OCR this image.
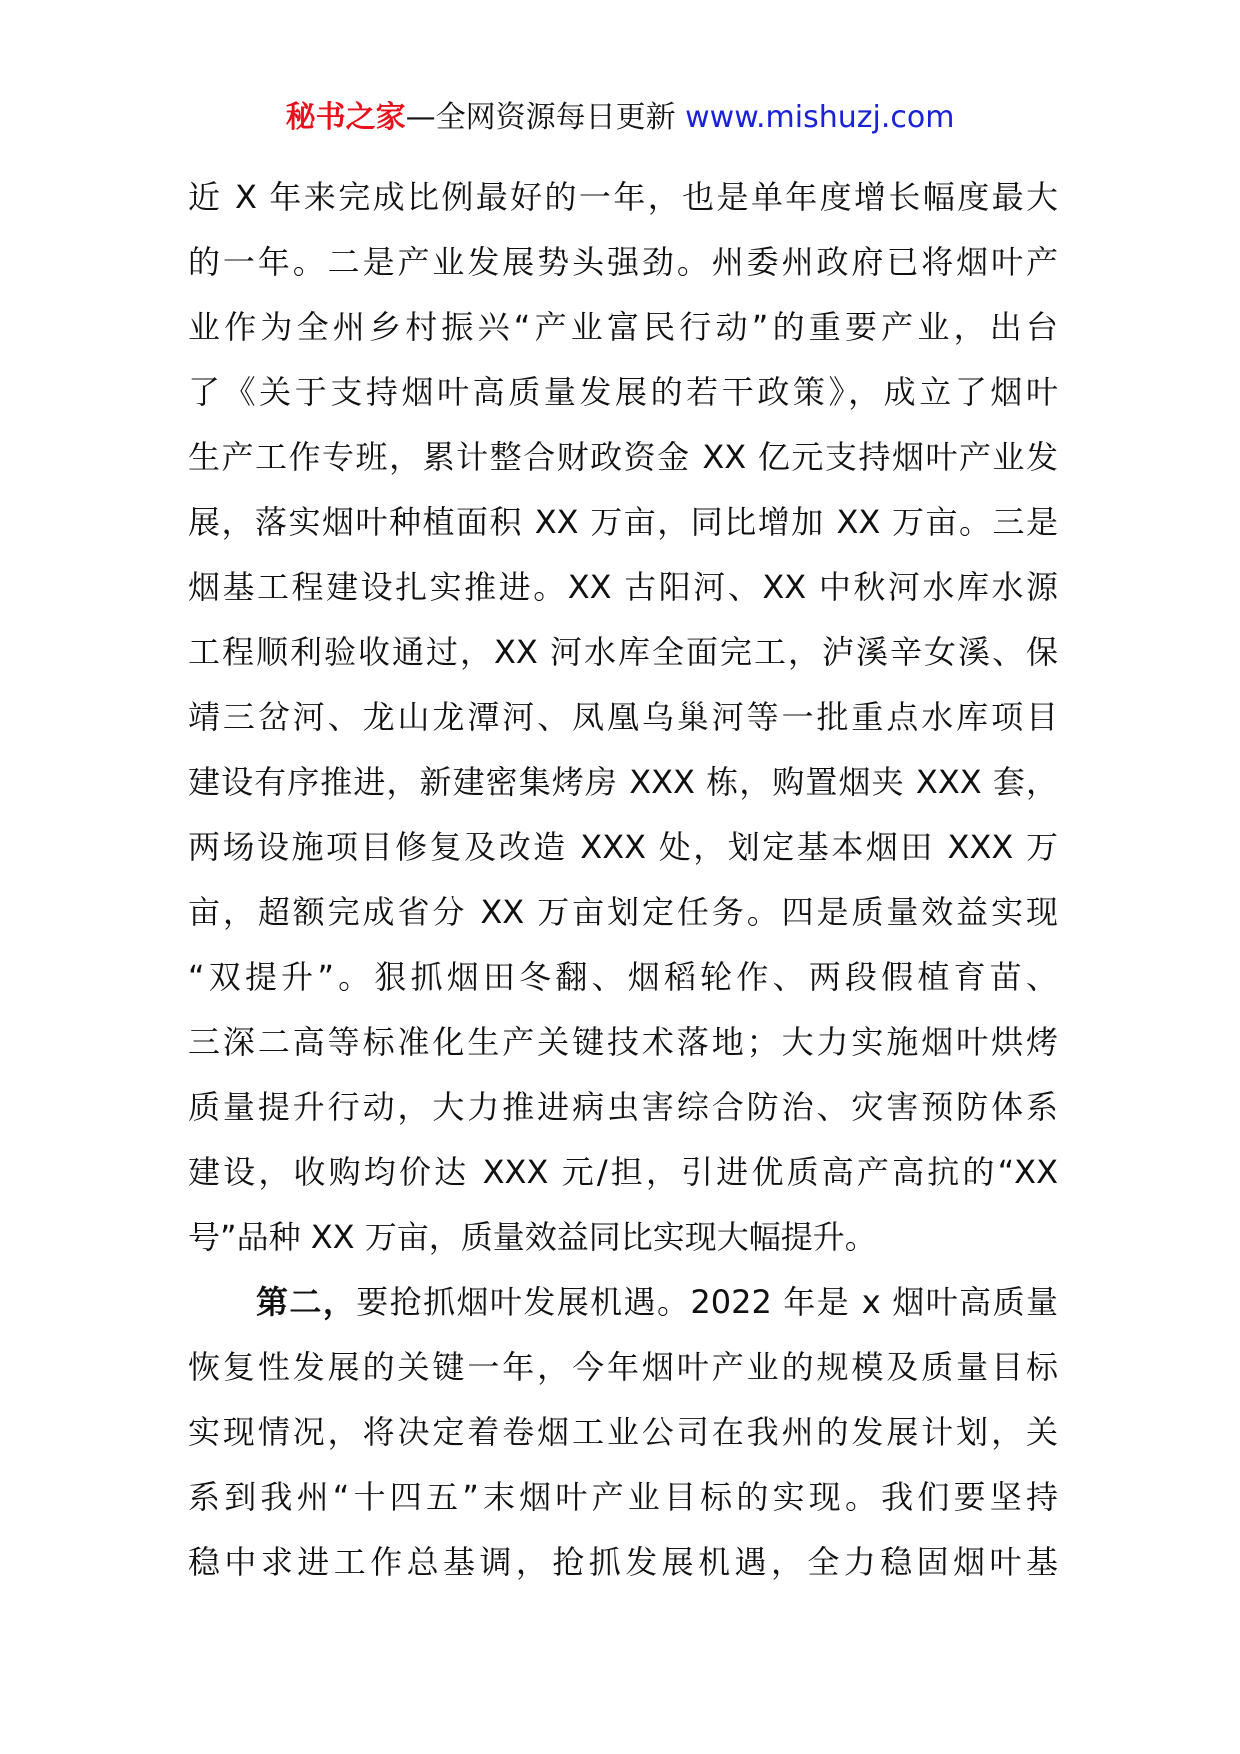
秘书之家—全网资源每日更新 www.mishuzj.com
近 X 年来完成比例最好的一年，也是单年度增长幅度最大
的一年。二是产业发展势头强劲。州委州政府已将烟叶产
业作为全州乡村振兴“产业富民行动”的重要产业，出台
了《关于支持烟叶高质量发展的若干政策》，成立了烟叶
生产工作专班，累计整合财政资金 XX 亿元支持烟叶产业发
展，落实烟叶种植面积 XX 万亩，同比增加 XX 万亩。三是
烟基工程建设扎实推进。XX 古阳河、XX 中秋河水库水源
工程顺利验收通过，XX 河水库全面完工，泸溪辛女溪、保
靖三岔河、龙山龙潭河、凤凰乌巢河等一批重点水库项目
建设有序推进，新建密集烤房 XXX 栋，购置烟夹 XXX 套，
两场设施项目修复及改造 XXX 处，划定基本烟田 XXX 万
亩，超额完成省分 XX 万亩划定任务。四是质量效益实现
“双提升”。狠抓烟田冬翻、烟稻轮作、两段假植育苗、
三深二高等标准化生产关键技术落地；大力实施烟叶烘烤
质量提升行动，大力推进病虫害综合防治、灾害预防体系
建设，收购均价达 XXX 元/担，引进优质高产高抗的“XX
号”品种 XX 万亩，质量效益同比实现大幅提升。
第二，要抢抓烟叶发展机遇。2022 年是 x 烟叶高质量
恢复性发展的关键一年，今年烟叶产业的规模及质量目标
实现情况，将决定着卷烟工业公司在我州的发展计划，关
系到我州“十四五”末烟叶产业目标的实现。我们要坚持
稳中求进工作总基调，抢抓发展机遇，全力稳固烟叶基
